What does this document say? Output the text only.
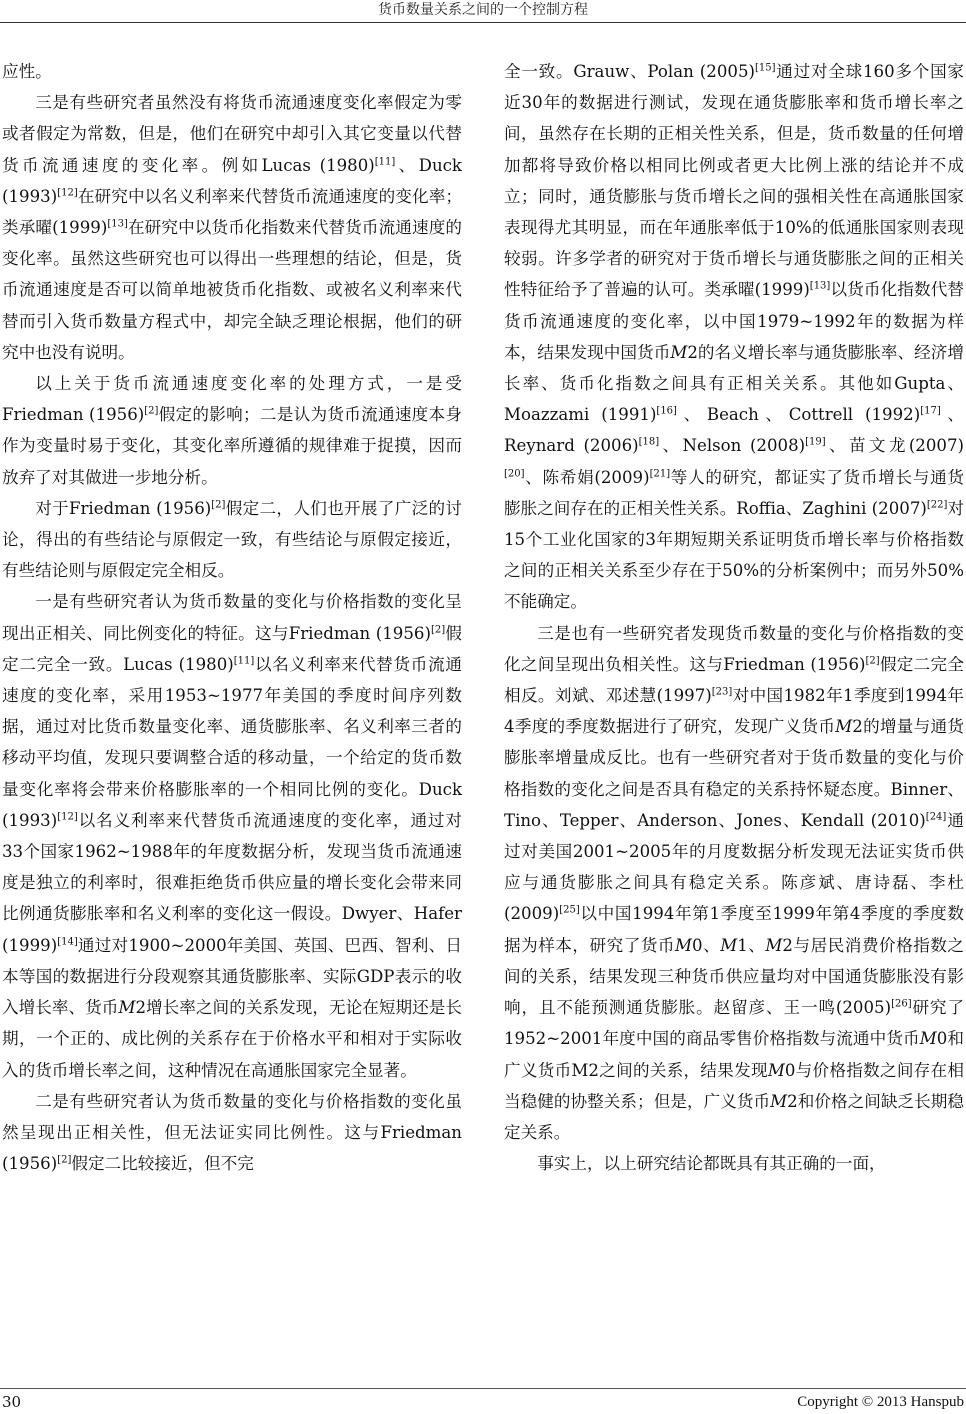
货币数量关系之间的一个控制方程

应性。

三是有些研究者虽然没有将货币流通速度变化率假定为零或者假定为常数，但是，他们在研究中却引入其它变量以代替货币流通速度的变化率。例如Lucas (1980)[11]、Duck (1993)[12]在研究中以名义利率来代替货币流通速度的变化率；类承曜(1999)[13]在研究中以货币化指数来代替货币流通速度的变化率。虽然这些研究也可以得出一些理想的结论，但是，货币流通速度是否可以简单地被货币化指数、或被名义利率来代替而引入货币数量方程式中，却完全缺乏理论根据，他们的研究中也没有说明。

以上关于货币流通速度变化率的处理方式，一是受Friedman (1956)[2]假定的影响；二是认为货币流通速度本身作为变量时易于变化，其变化率所遵循的规律难于捉摸，因而放弃了对其做进一步地分析。

对于Friedman (1956)[2]假定二，人们也开展了广泛的讨论，得出的有些结论与原假定一致，有些结论与原假定接近，有些结论则与原假定完全相反。

一是有些研究者认为货币数量的变化与价格指数的变化呈现出正相关、同比例变化的特征。这与Friedman (1956)[2]假定二完全一致。Lucas (1980)[11]以名义利率来代替货币流通速度的变化率，采用1953~1977年美国的季度时间序列数据，通过对比货币数量变化率、通货膨胀率、名义利率三者的移动平均值，发现只要调整合适的移动量，一个给定的货币数量变化率将会带来价格膨胀率的一个相同比例的变化。Duck (1993)[12]以名义利率来代替货币流通速度的变化率，通过对33个国家1962~1988年的年度数据分析，发现当货币流通速度是独立的利率时，很难拒绝货币供应量的增长变化会带来同比例通货膨胀率和名义利率的变化这一假设。Dwyer、Hafer (1999)[14]通过对1900~2000年美国、英国、巴西、智利、日本等国的数据进行分段观察其通货膨胀率、实际GDP表示的收入增长率、货币M2增长率之间的关系发现，无论在短期还是长期，一个正的、成比例的关系存在于价格水平和相对于实际收入的货币增长率之间，这种情况在高通胀国家完全显著。

二是有些研究者认为货币数量的变化与价格指数的变化虽然呈现出正相关性，但无法证实同比例性。这与Friedman (1956)[2]假定二比较接近，但不完

全一致。Grauw、Polan (2005)[15]通过对全球160多个国家近30年的数据进行测试，发现在通货膨胀率和货币增长率之间，虽然存在长期的正相关性关系，但是，货币数量的任何增加都将导致价格以相同比例或者更大比例上涨的结论并不成立；同时，通货膨胀与货币增长之间的强相关性在高通胀国家表现得尤其明显，而在年通胀率低于10%的低通胀国家则表现较弱。许多学者的研究对于货币增长与通货膨胀之间的正相关性特征给予了普遍的认可。类承曜(1999)[13]以货币化指数代替货币流通速度的变化率，以中国1979~1992年的数据为样本，结果发现中国货币M2的名义增长率与通货膨胀率、经济增长率、货币化指数之间具有正相关关系。其他如Gupta、Moazzami (1991)[16]、Beach、Cottrell (1992)[17]、Reynard (2006)[18]、Nelson (2008)[19]、苗文龙(2007)[20]、陈希娟(2009)[21]等人的研究，都证实了货币增长与通货膨胀之间存在的正相关性关系。Roffia、Zaghini (2007)[22]对15个工业化国家的3年期短期关系证明货币增长率与价格指数之间的正相关关系至少存在于50%的分析案例中；而另外50%不能确定。

三是也有一些研究者发现货币数量的变化与价格指数的变化之间呈现出负相关性。这与Friedman (1956)[2]假定二完全相反。刘斌、邓述慧(1997)[23]对中国1982年1季度到1994年4季度的季度数据进行了研究，发现广义货币M2的增量与通货膨胀率增量成反比。也有一些研究者对于货币数量的变化与价格指数的变化之间是否具有稳定的关系持怀疑态度。Binner、Tino、Tepper、Anderson、Jones、Kendall (2010)[24]通过对美国2001~2005年的月度数据分析发现无法证实货币供应与通货膨胀之间具有稳定关系。陈彦斌、唐诗磊、李杜(2009)[25]以中国1994年第1季度至1999年第4季度的季度数据为样本，研究了货币M0、M1、M2与居民消费价格指数之间的关系，结果发现三种货币供应量均对中国通货膨胀没有影响，且不能预测通货膨胀。赵留彦、王一鸣(2005)[26]研究了1952~2001年度中国的商品零售价格指数与流通中货币M0和广义货币M2之间的关系，结果发现M0与价格指数之间存在相当稳健的协整关系；但是，广义货币M2和价格之间缺乏长期稳定关系。

事实上，以上研究结论都既具有其正确的一面，

30	Copyright © 2013 Hanspub
